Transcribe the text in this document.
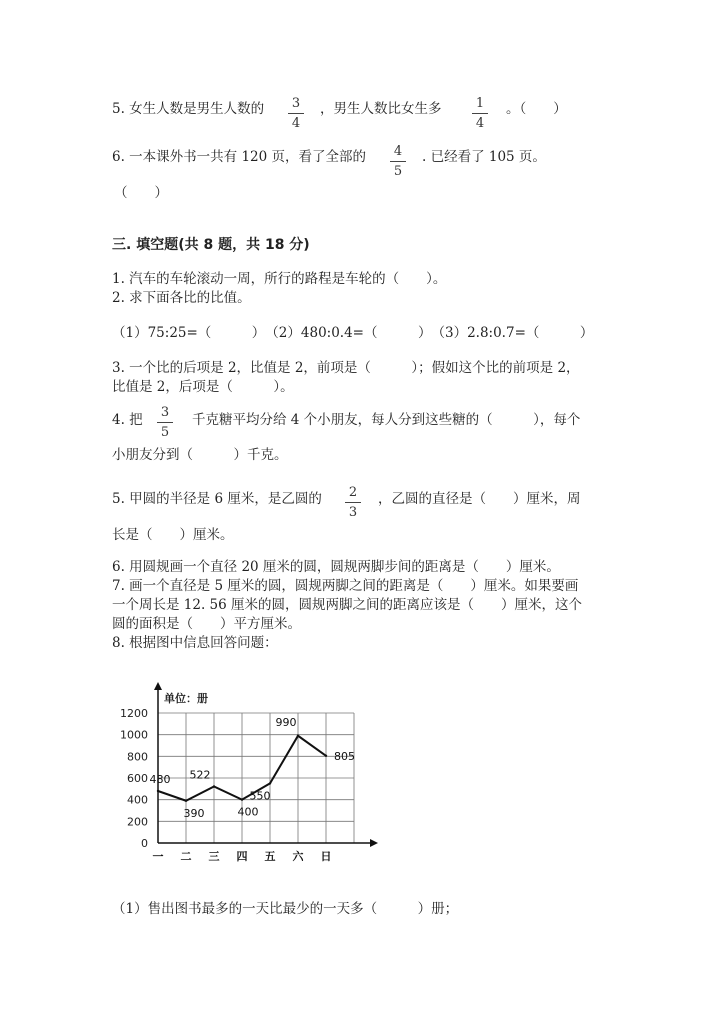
5. 女生人数是男生人数的 3
4
，男生人数比女生多	1
4
。（　　）
6. 一本课外书一共有 120 页，看了全部的 4
5
. 已经看了 105 页。
（　　）
三. 填空题(共 8 题，共 18 分)
1. 汽车的车轮滚动一周，所行的路程是车轮的（　　）。
2. 求下面各比的比值。
（1）75:25=（　　　）　（2）480:0.4=（　　　）　（3）2.8:0.7=（　　　）
3. 一个比的后项是 2，比值是 2，前项是（　　　）；假如这个比的前项是 2，
比值是 2，后项是（　　　）。
4. 把 3
5
千克糖平均分给 4 个小朋友，每人分到这些糖的（　　　），每个
小朋友分到（　　　）千克。
5. 甲圆的半径是 6 厘米，是乙圆的 2
3
，乙圆的直径是（　　）厘米，周
长是（　　）厘米。
6. 用圆规画一个直径 20 厘米的圆，圆规两脚步间的距离是（　　）厘米。
7. 画一个直径是 5 厘米的圆，圆规两脚之间的距离是（　　）厘米。如果要画
一个周长是 12. 56 厘米的圆，圆规两脚之间的距离应该是（　　）厘米，这个
圆的面积是（　　）平方厘米。
8. 根据图中信息回答问题：
0
200
400
600
800
1000
1200
单位：册
一 二 三 四 五 六 日
480
390
522
400
550
990
805
（1）售出图书最多的一天比最少的一天多（　　　）册；
